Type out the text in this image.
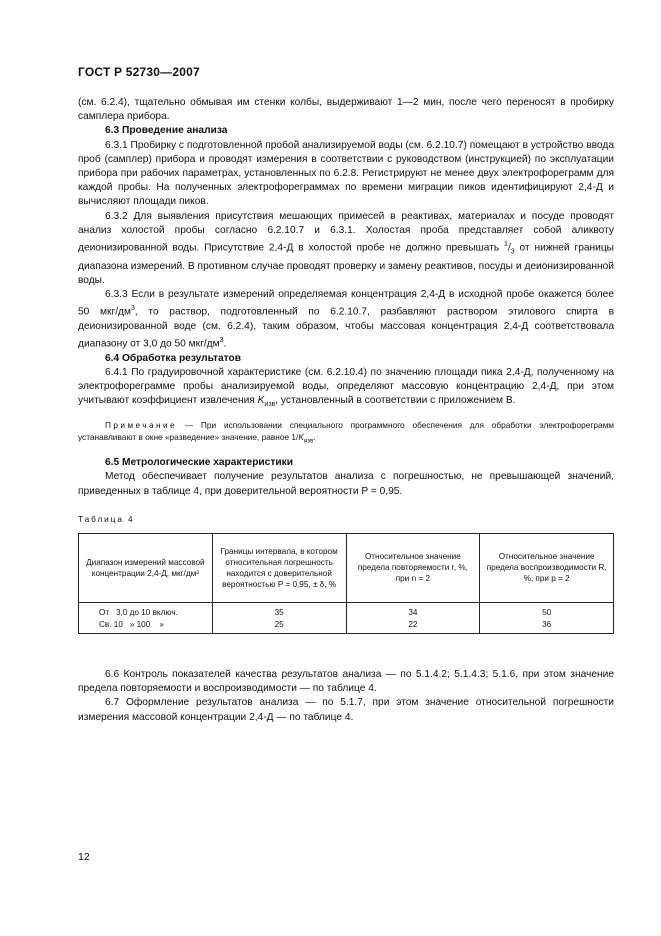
ГОСТ Р 52730—2007

(см. 6.2.4), тщательно обмывая им стенки колбы, выдерживают 1—2 мин, после чего переносят в пробирку самплера прибора.

6.3 Проведение анализа

6.3.1 Пробирку с подготовленной пробой анализируемой воды (см. 6.2.10.7) помещают в устройство ввода проб (самплер) прибора и проводят измерения в соответствии с руководством (инструкцией) по эксплуатации прибора при рабочих параметрах, установленных по 6.2.8. Регистрируют не менее двух электрофореграмм для каждой пробы. На полученных электрофореграммах по времени миграции пиков идентифицируют 2,4-Д и вычисляют площади пиков.

6.3.2 Для выявления присутствия мешающих примесей в реактивах, материалах и посуде проводят анализ холостой пробы согласно 6.2.10.7 и 6.3.1. Холостая проба представляет собой аликвоту деионизированной воды. Присутствие 2,4-Д в холостой пробе не должно превышать $^1/_3$ от нижней границы диапазона измерений. В противном случае проводят проверку и замену реактивов, посуды и деионизированной воды.

6.3.3 Если в результате измерений определяемая концентрация 2,4-Д в исходной пробе окажется более 50 мкг/$дм^3$, то раствор, подготовленный по 6.2.10.7, разбавляют раствором этилового спирта в деионизированной воде (см. 6.2.4), таким образом, чтобы массовая концентрация 2,4-Д соответствовала диапазону от 3,0 до 50 мкг/$дм^3$.

6.4 Обработка результатов

6.4.1 По градуировочной характеристике (см. 6.2.10.4) по значению площади пика 2,4-Д, полученному на электрофореграмме пробы анализируемой воды, определяют массовую концентрацию 2,4-Д, при этом учитывают коэффициент извлечения $K_{изв}$, установленный в соответствии с приложением В.

Примечание — При использовании специального программного обеспечения для обработки электрофореграмм устанавливают в окне «разведение» значение, равное $1/K_{изв}$.

6.5 Метрологические характеристики

Метод обеспечивает получение результатов анализа с погрешностью, не превышающей значений, приведенных в таблице 4, при доверительной вероятности P = 0,95.

Таблица 4

Диапазон измерений массовой концентрации 2,4-Д, мкг/дм³	Границы интервала, в котором относительная погрешность находится с доверительной вероятностью P = 0,95, ± δ, %	Относительное значение предела повторяемости r, %, при n = 2	Относительное значение предела воспроизводимости R, %, при p = 2
От   3,0 до 10 включ.	35	34	50
Св. 10   » 100    »	25	22	36

6.6 Контроль показателей качества результатов анализа — по 5.1.4.2; 5.1.4.3; 5.1.6, при этом значение предела повторяемости и воспроизводимости — по таблице 4.

6.7 Оформление результатов анализа — по 5.1.7, при этом значение относительной погрешности измерения массовой концентрации 2,4-Д — по таблице 4.

12
